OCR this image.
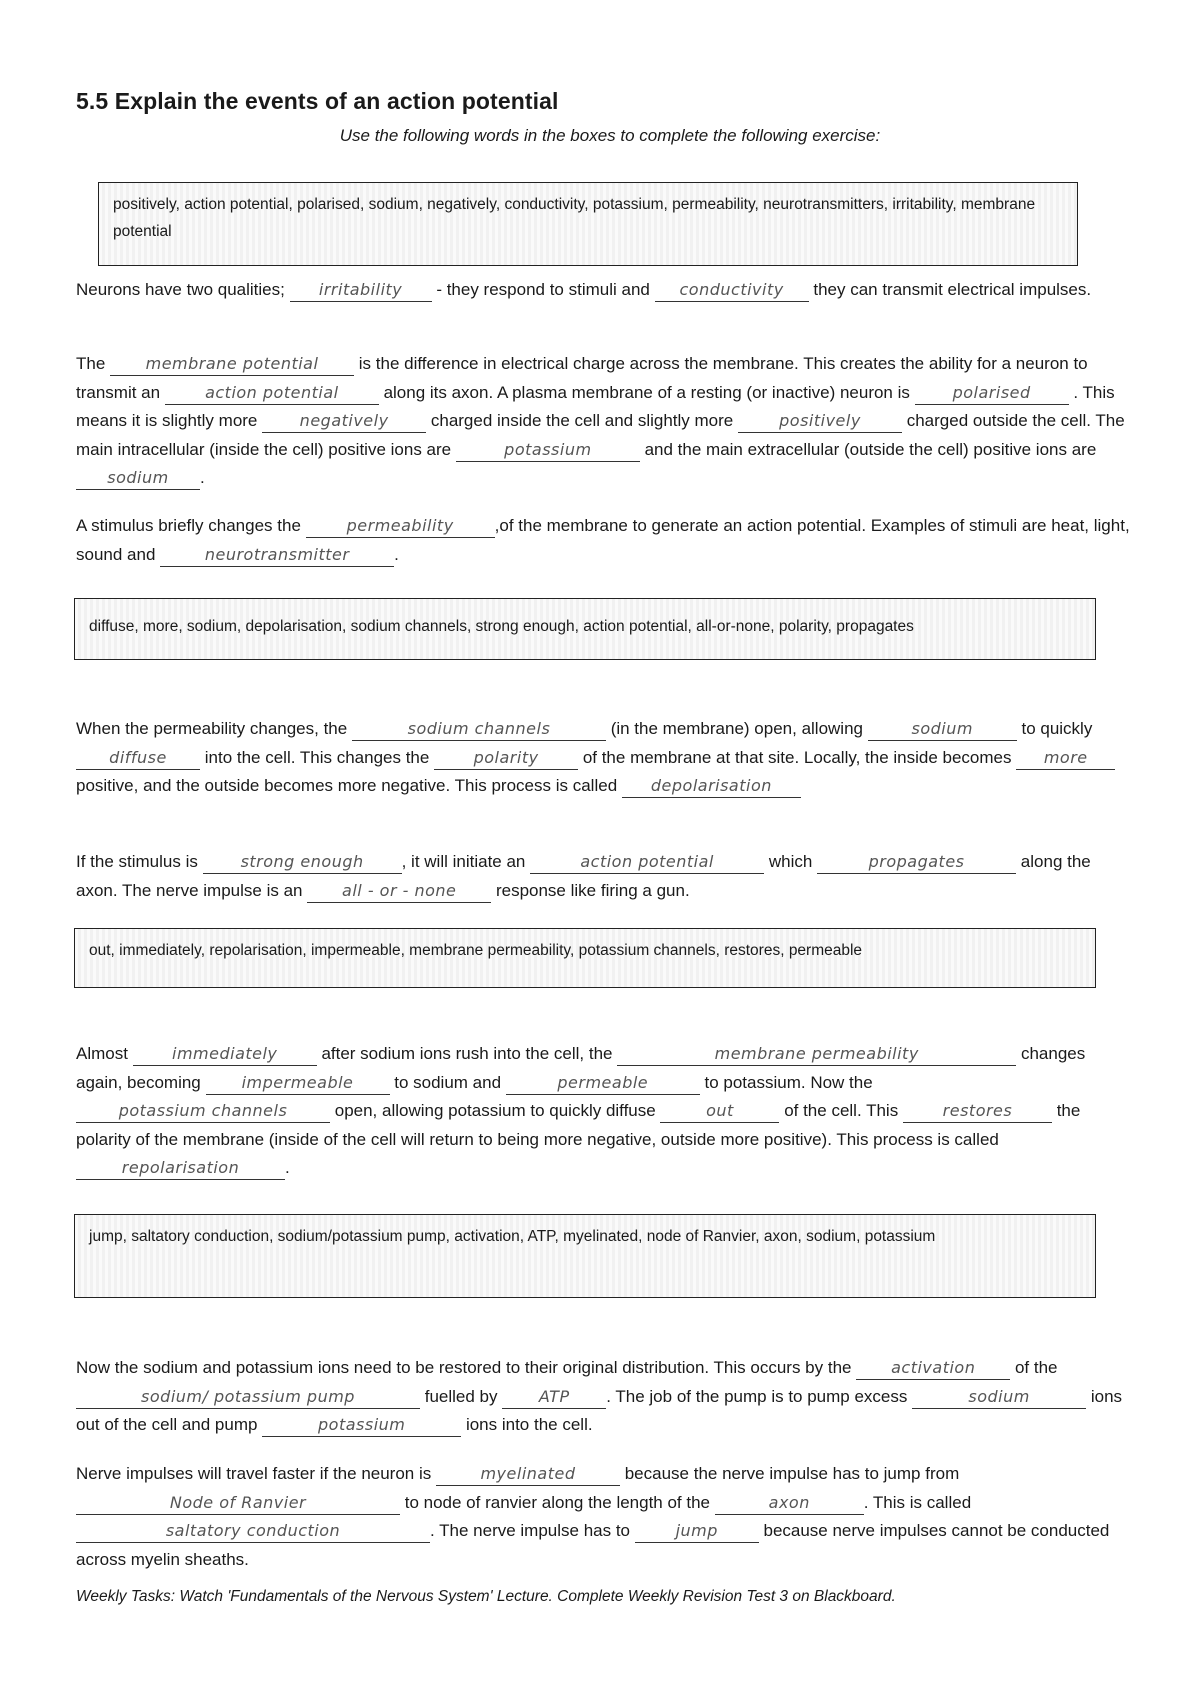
5.5 Explain the events of an action potential
Use the following words in the boxes to complete the following exercise:
positively, action potential, polarised, sodium, negatively, conductivity, potassium, permeability, neurotransmitters, irritability, membrane potential
Neurons have two qualities; irritability - they respond to stimuli and conductivity they can transmit electrical impulses.
The	membrane potential is the difference in electrical charge across the membrane. This creates the ability for a neuron to transmit an	action potential	along its axon. A plasma membrane of a resting (or inactive) neuron is	polarised	. This means it is slightly more	negatively charged inside the cell and slightly more	positively	charged outside the cell. The main intracellular (inside the cell) positive ions are	potassium	and the main extracellular (outside the cell) positive ions are sodium .
A stimulus briefly changes the	permeability ,of the membrane to generate an action potential. Examples of stimuli are heat, light, sound and	neurotransmitter	.
diffuse, more, sodium, depolarisation, sodium channels, strong enough, action potential, all-or-none, polarity, propagates
When the permeability changes, the	sodium channels	(in the membrane) open, allowing	sodium	to quickly diffuse into the cell. This changes the	polarity	of the membrane at that site. Locally, the inside becomes more positive, and the outside becomes more negative. This process is called depolarisation
If the stimulus is	strong enough , it will initiate an	action potential	which	propagates	along the axon. The nerve impulse is an all - or - none response like firing a gun.
out, immediately, repolarisation, impermeable, membrane permeability, potassium channels, restores, permeable
Almost	immediately	after sodium ions rush into the cell, the	membrane permeability	changes again, becoming	impermeable to sodium and	permeable	to potassium. Now the potassium channels	open, allowing potassium to quickly diffuse	out	of the cell. This	restores	the polarity of the membrane (inside of the cell will return to being more negative, outside more positive). This process is called repolarisation	.
jump, saltatory conduction, sodium/potassium pump, activation, ATP, myelinated, node of Ranvier, axon, sodium, potassium
Now the sodium and potassium ions need to be restored to their original distribution. This occurs by the activation of the sodium/ potassium pump	fuelled by	ATP . The job of the pump is to pump excess	sodium	ions out of the cell and pump	potassium	ions into the cell.
Nerve impulses will travel faster if the neuron is	myelinated	because the nerve impulse has to jump from Node of Ranvier	to node of ranvier along the length of the	axon	. This is called saltatory conduction	. The nerve impulse has to	jump	because nerve impulses cannot be conducted across myelin sheaths.
Weekly Tasks: Watch 'Fundamentals of the Nervous System' Lecture. Complete Weekly Revision Test 3 on Blackboard.
